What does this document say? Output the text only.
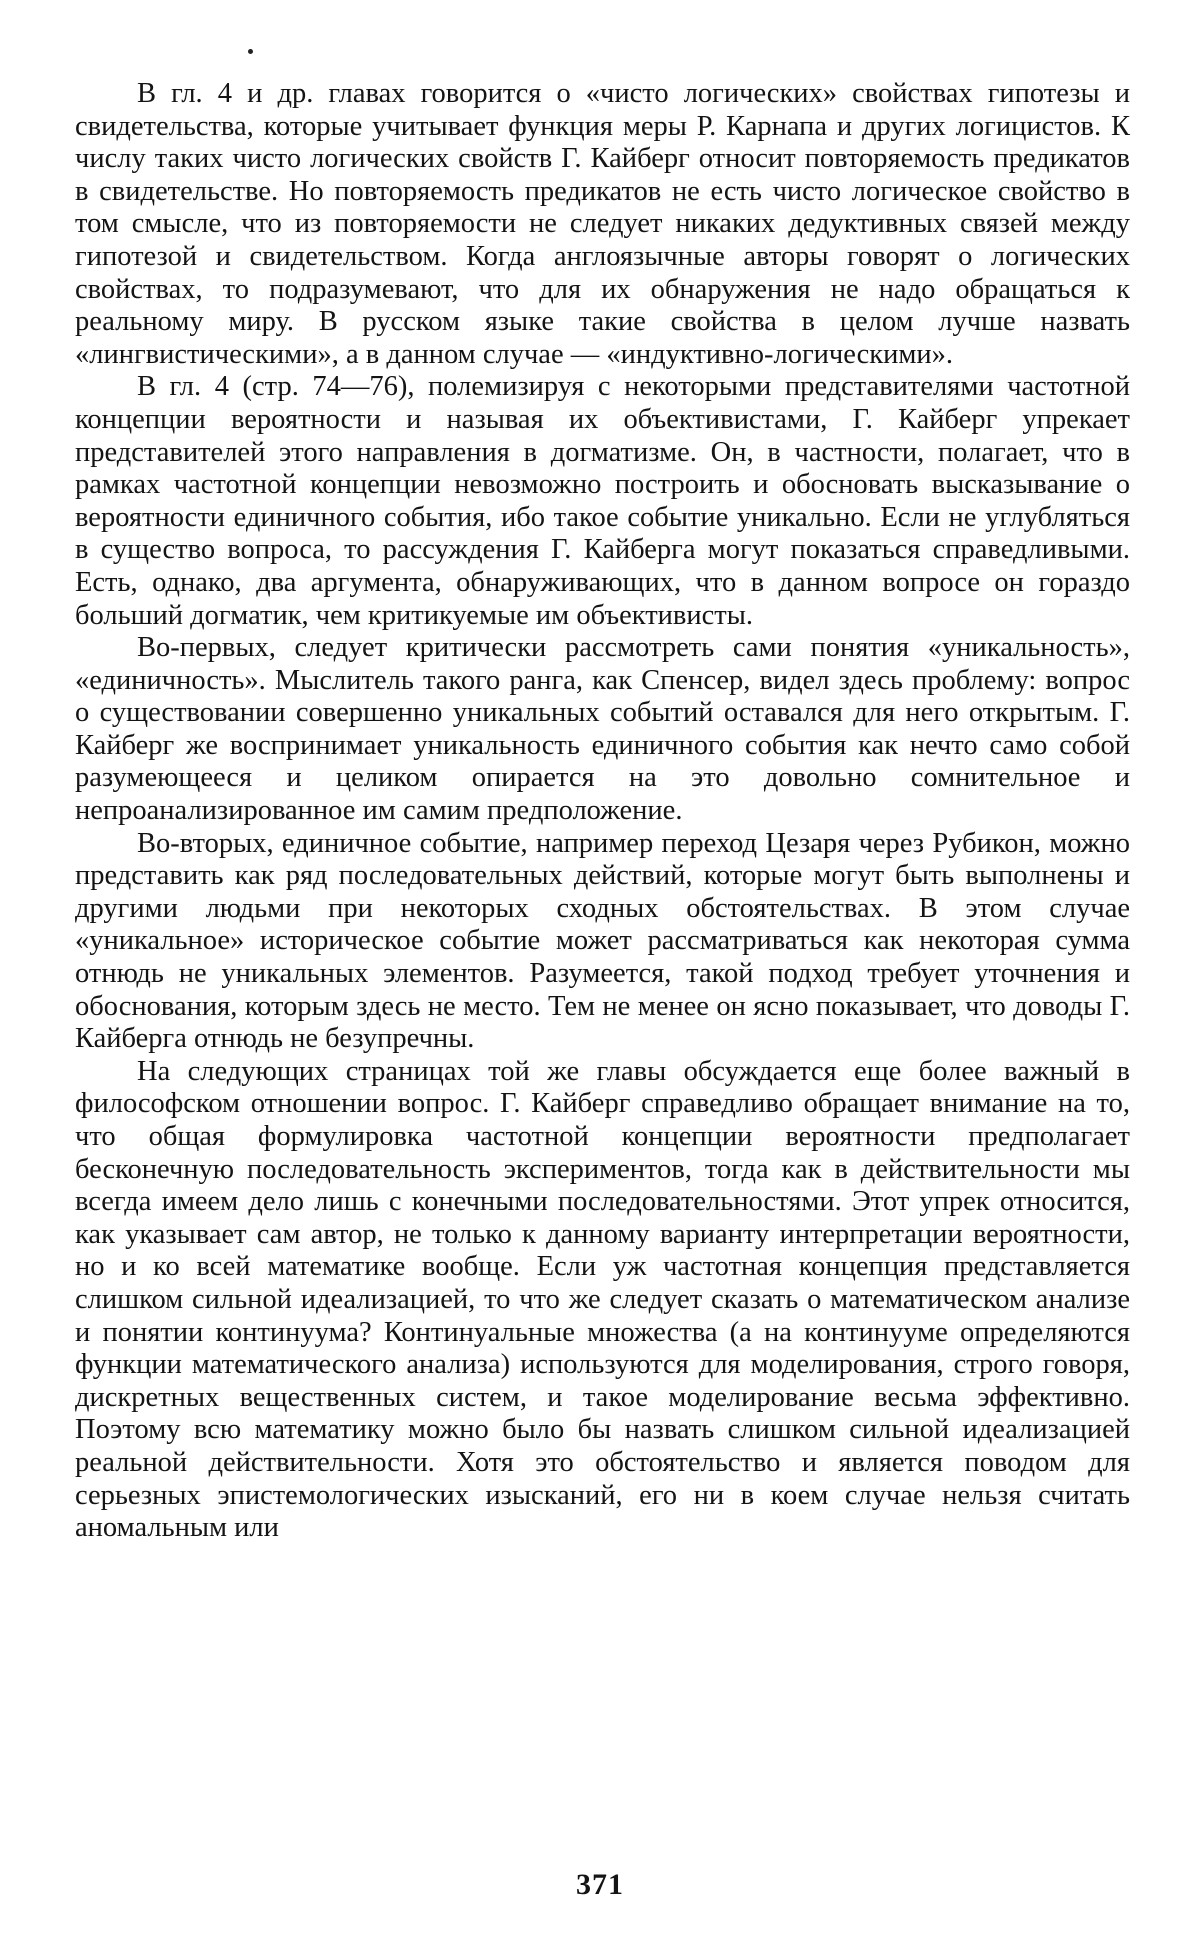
В гл. 4 и др. главах говорится о «чисто логических» свойствах гипотезы и свидетельства, которые учитывает функция меры Р. Карнапа и других логицистов. К числу таких чисто логических свойств Г. Кайберг относит повторяемость предикатов в свидетельстве. Но повторяемость предикатов не есть чисто логическое свойство в том смысле, что из повторяемости не следует никаких дедуктивных связей между гипотезой и свидетельством. Когда англоязычные авторы говорят о логических свойствах, то подразумевают, что для их обнаружения не надо обращаться к реальному миру. В русском языке такие свойства в целом лучше назвать «лингвистическими», а в данном случае — «индуктивно-логическими».

В гл. 4 (стр. 74—76), полемизируя с некоторыми представителями частотной концепции вероятности и называя их объективистами, Г. Кайберг упрекает представителей этого направления в догматизме. Он, в частности, полагает, что в рамках частотной концепции невозможно построить и обосновать высказывание о вероятности единичного события, ибо такое событие уникально. Если не углубляться в существо вопроса, то рассуждения Г. Кайберга могут показаться справедливыми. Есть, однако, два аргумента, обнаруживающих, что в данном вопросе он гораздо больший догматик, чем критикуемые им объективисты.

Во-первых, следует критически рассмотреть сами понятия «уникальность», «единичность». Мыслитель такого ранга, как Спенсер, видел здесь проблему: вопрос о существовании совершенно уникальных событий оставался для него открытым. Г. Кайберг же воспринимает уникальность единичного события как нечто само собой разумеющееся и целиком опирается на это довольно сомнительное и непроанализированное им самим предположение.

Во-вторых, единичное событие, например переход Цезаря через Рубикон, можно представить как ряд последовательных действий, которые могут быть выполнены и другими людьми при некоторых сходных обстоятельствах. В этом случае «уникальное» историческое событие может рассматриваться как некоторая сумма отнюдь не уникальных элементов. Разумеется, такой подход требует уточнения и обоснования, которым здесь не место. Тем не менее он ясно показывает, что доводы Г. Кайберга отнюдь не безупречны.

На следующих страницах той же главы обсуждается еще более важный в философском отношении вопрос. Г. Кайберг справедливо обращает внимание на то, что общая формулировка частотной концепции вероятности предполагает бесконечную последовательность экспериментов, тогда как в действительности мы всегда имеем дело лишь с конечными последовательностями. Этот упрек относится, как указывает сам автор, не только к данному варианту интерпретации вероятности, но и ко всей математике вообще. Если уж частотная концепция представляется слишком сильной идеализацией, то что же следует сказать о математическом анализе и понятии континуума? Континуальные множества (а на континууме определяются функции математического анализа) используются для моделирования, строго говоря, дискретных вещественных систем, и такое моделирование весьма эффективно. Поэтому всю математику можно было бы назвать слишком сильной идеализацией реальной действительности. Хотя это обстоятельство и является поводом для серьезных эпистемологических изысканий, его ни в коем случае нельзя считать аномальным или

371
